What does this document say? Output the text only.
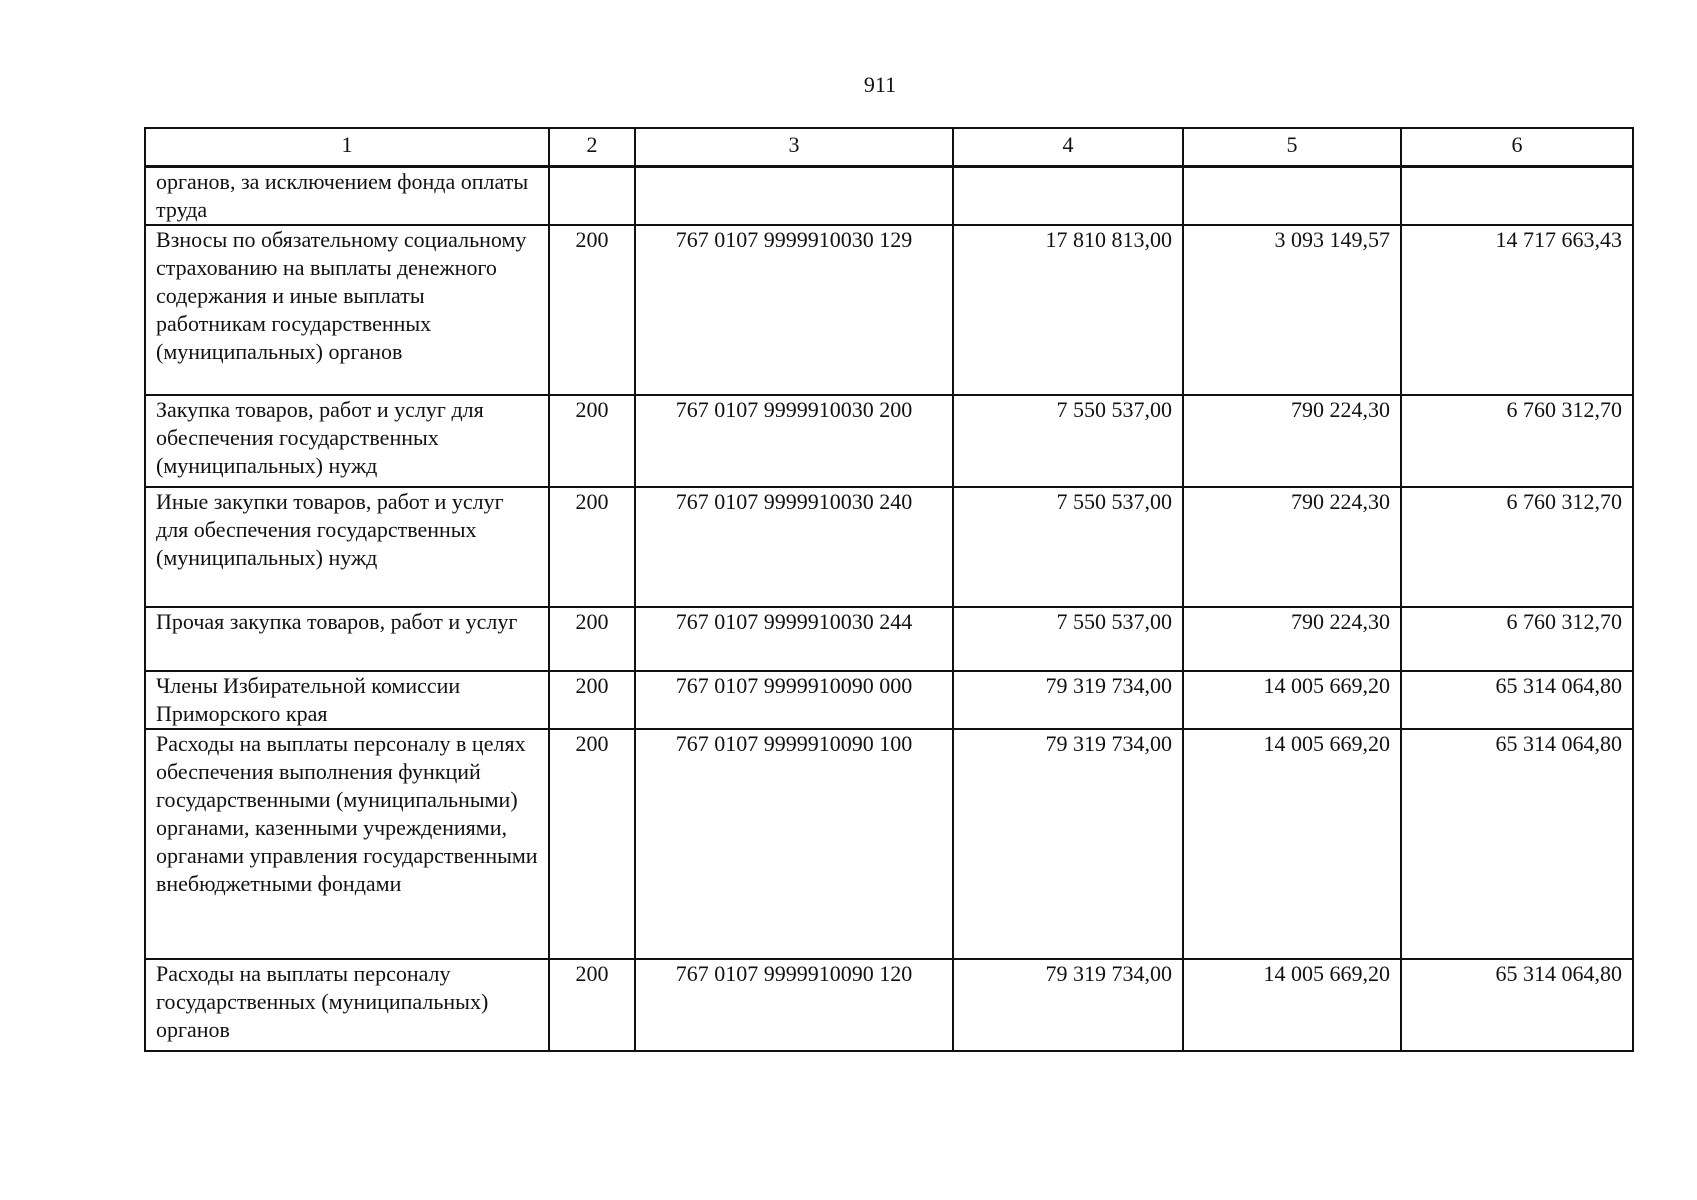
911
1	2	3	4	5	6
органов, за исключением фонда оплаты труда					
Взносы по обязательному социальному страхованию на выплаты денежного содержания и иные выплаты работникам государственных (муниципальных) органов	200	767 0107 9999910030 129	17 810 813,00	3 093 149,57	14 717 663,43
Закупка товаров, работ и услуг для обеспечения государственных (муниципальных) нужд	200	767 0107 9999910030 200	7 550 537,00	790 224,30	6 760 312,70
Иные закупки товаров, работ и услуг для обеспечения государственных (муниципальных) нужд	200	767 0107 9999910030 240	7 550 537,00	790 224,30	6 760 312,70
Прочая закупка товаров, работ и услуг	200	767 0107 9999910030 244	7 550 537,00	790 224,30	6 760 312,70
Члены Избирательной комиссии Приморского края	200	767 0107 9999910090 000	79 319 734,00	14 005 669,20	65 314 064,80
Расходы на выплаты персоналу в целях обеспечения выполнения функций государственными (муниципальными) органами, казенными учреждениями, органами управления государственными внебюджетными фондами	200	767 0107 9999910090 100	79 319 734,00	14 005 669,20	65 314 064,80
Расходы на выплаты персоналу государственных (муниципальных) органов	200	767 0107 9999910090 120	79 319 734,00	14 005 669,20	65 314 064,80
